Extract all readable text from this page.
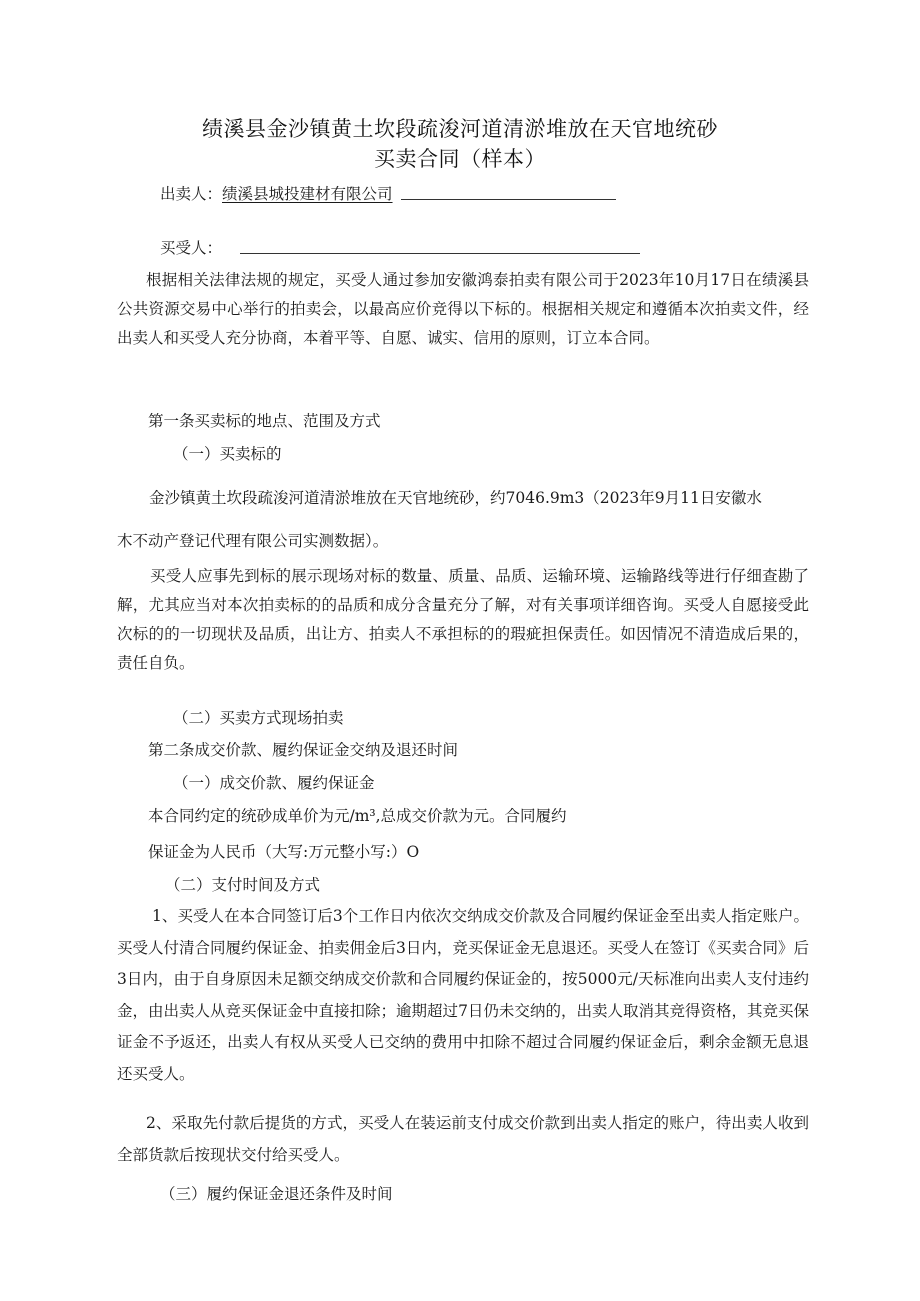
绩溪县金沙镇黄土坎段疏浚河道清淤堆放在天官地统砂
买卖合同（样本）
出卖人： 绩溪县城投建材有限公司
买受人：

根据相关法律法规的规定，买受人通过参加安徽鸿泰拍卖有限公司于2023年10月17日在绩溪县公共资源交易中心举行的拍卖会，以最高应价竞得以下标的。根据相关规定和遵循本次拍卖文件，经出卖人和买受人充分协商，本着平等、自愿、诚实、信用的原则，订立本合同。

第一条买卖标的地点、范围及方式
（一）买卖标的
金沙镇黄土坎段疏浚河道清淤堆放在天官地统砂，约7046.9m3（2023年9月11日安徽水
木不动产登记代理有限公司实测数据）。

买受人应事先到标的展示现场对标的数量、质量、品质、运输环境、运输路线等进行仔细查勘了解，尤其应当对本次拍卖标的的品质和成分含量充分了解，对有关事项详细咨询。买受人自愿接受此次标的的一切现状及品质，出让方、拍卖人不承担标的的瑕疵担保责任。如因情况不清造成后果的，责任自负。

（二）买卖方式现场拍卖
第二条成交价款、履约保证金交纳及退还时间
（一）成交价款、履约保证金
本合同约定的统砂成单价为元/m³,总成交价款为元。合同履约
保证金为人民币（大写:万元整小写:）O
（二）支付时间及方式

1、买受人在本合同签订后3个工作日内依次交纳成交价款及合同履约保证金至出卖人指定账户。买受人付清合同履约保证金、拍卖佣金后3日内，竞买保证金无息退还。买受人在签订《买卖合同》后3日内，由于自身原因未足额交纳成交价款和合同履约保证金的，按5000元/天标准向出卖人支付违约金，由出卖人从竞买保证金中直接扣除；逾期超过7日仍未交纳的，出卖人取消其竞得资格，其竞买保证金不予返还，出卖人有权从买受人已交纳的费用中扣除不超过合同履约保证金后，剩余金额无息退还买受人。

2、采取先付款后提货的方式，买受人在装运前支付成交价款到出卖人指定的账户，待出卖人收到全部货款后按现状交付给买受人。

（三）履约保证金退还条件及时间
